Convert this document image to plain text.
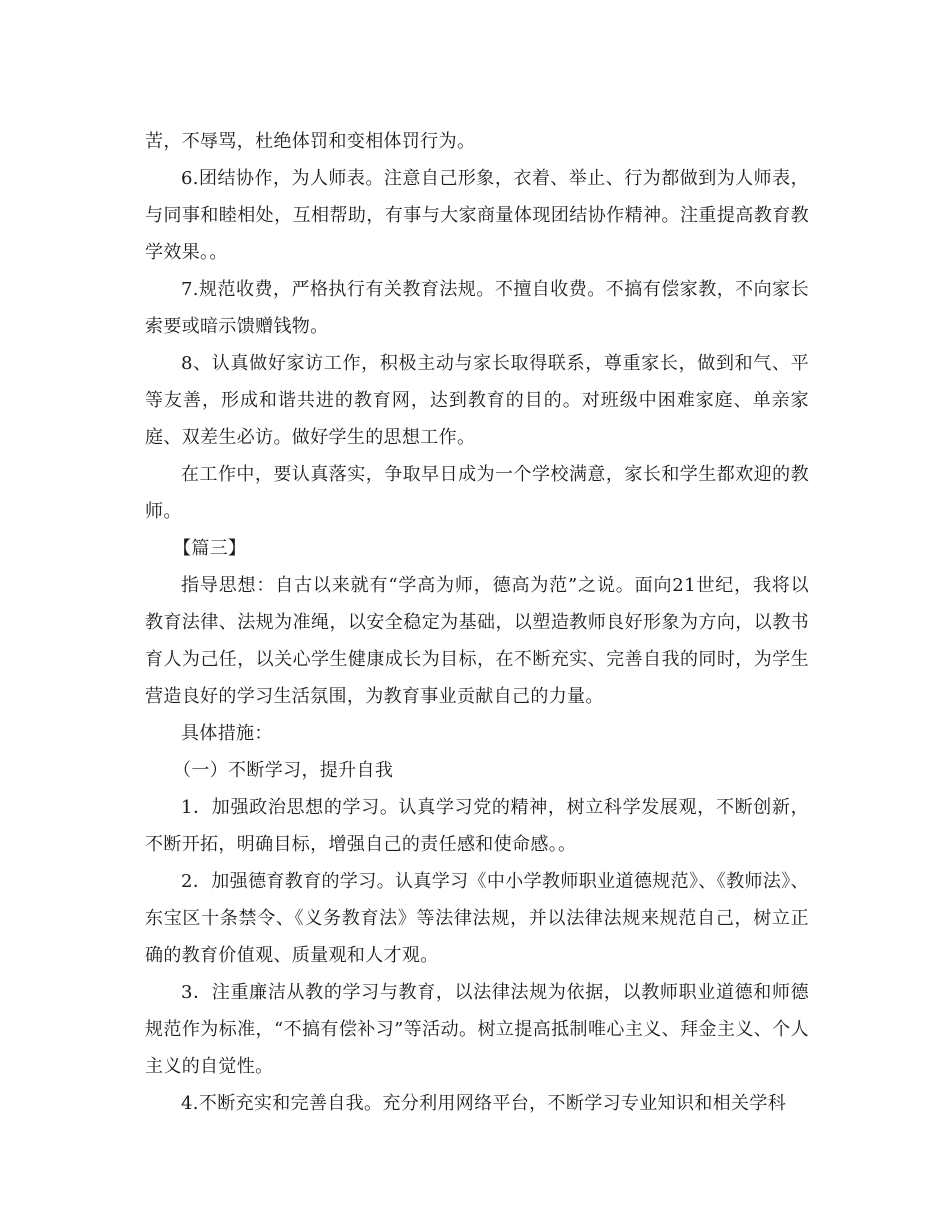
苦，不辱骂，杜绝体罚和变相体罚行为。

6.团结协作，为人师表。注意自己形象，衣着、举止、行为都做到为人师表，与同事和睦相处，互相帮助，有事与大家商量体现团结协作精神。注重提高教育教学效果。。

7.规范收费，严格执行有关教育法规。不擅自收费。不搞有偿家教，不向家长索要或暗示馈赠钱物。

8、认真做好家访工作，积极主动与家长取得联系，尊重家长，做到和气、平等友善，形成和谐共进的教育网，达到教育的目的。对班级中困难家庭、单亲家庭、双差生必访。做好学生的思想工作。

在工作中，要认真落实，争取早日成为一个学校满意，家长和学生都欢迎的教师。

【篇三】

指导思想：自古以来就有“学高为师，德高为范”之说。面向21世纪，我将以教育法律、法规为准绳，以安全稳定为基础，以塑造教师良好形象为方向，以教书育人为己任，以关心学生健康成长为目标，在不断充实、完善自我的同时，为学生营造良好的学习生活氛围，为教育事业贡献自己的力量。

具体措施：

（一）不断学习，提升自我

1．加强政治思想的学习。认真学习党的精神，树立科学发展观，不断创新，不断开拓，明确目标，增强自己的责任感和使命感。。

2．加强德育教育的学习。认真学习《中小学教师职业道德规范》、《教师法》、东宝区十条禁令、《义务教育法》等法律法规，并以法律法规来规范自己，树立正确的教育价值观、质量观和人才观。

3．注重廉洁从教的学习与教育，以法律法规为依据，以教师职业道德和师德规范作为标准，“不搞有偿补习”等活动。树立提高抵制唯心主义、拜金主义、个人主义的自觉性。

4.不断充实和完善自我。充分利用网络平台，不断学习专业知识和相关学科
